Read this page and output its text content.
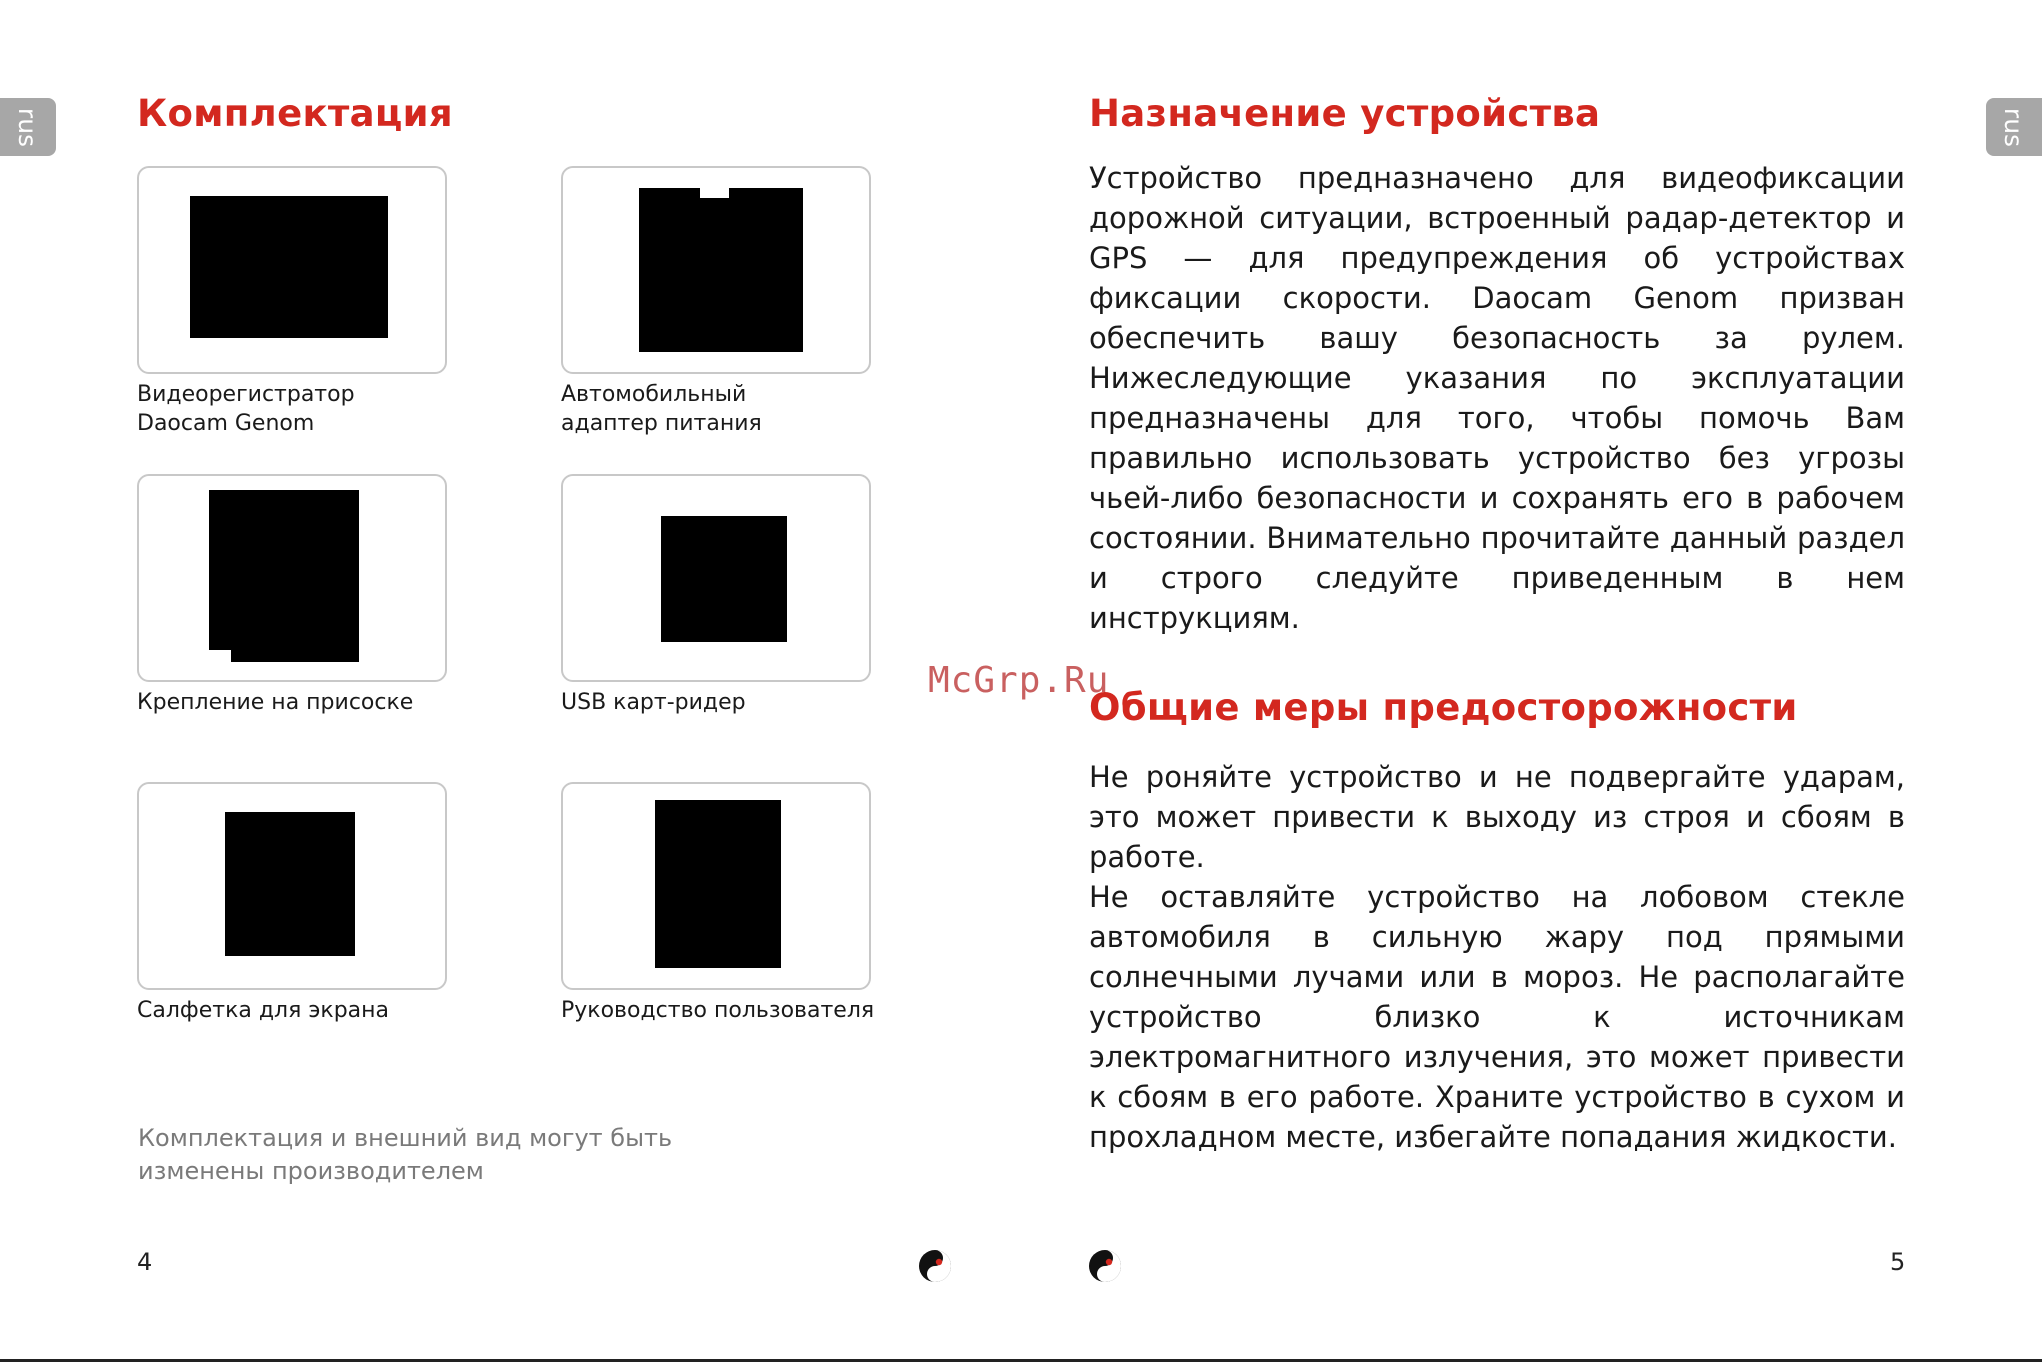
rus	rus
Комплектация
Видеорегистратор
Daocam Genom
Автомобильный
адаптер питания
Крепление на присоске	USB карт-ридер
Салфетка для экрана	Руководство пользователя
Комплектация и внешний вид могут быть
изменены производителем
4
Назначение устройства

Устройство предназначено для видеофиксации дорожной ситуации, встроенный радар-детектор и GPS — для предупреждения об устройствах фиксации скорости. Daocam Genom призван обеспечить вашу безопасность за рулем. Нижеследующие указания по эксплуатации предназначены для того, чтобы помочь Вам правильно использовать устройство без угрозы чьей-либо безопасности и сохранять его в рабочем состоянии. Внимательно прочитайте данный раздел и строго следуйте приведенным в нем инструкциям.

Общие меры предосторожности

Не роняйте устройство и не подвергайте ударам, это может привести к выходу из строя и сбоям в работе.

Не оставляйте устройство на лобовом стекле автомобиля в сильную жару под прямыми солнечными лучами или в мороз. Не располагайте устройство близко к источникам электромагнитного излучения, это может привести к сбоям в его работе. Храните устройство в сухом и прохладном месте, избегайте попадания жидкости.

5
McGrp.Ru
